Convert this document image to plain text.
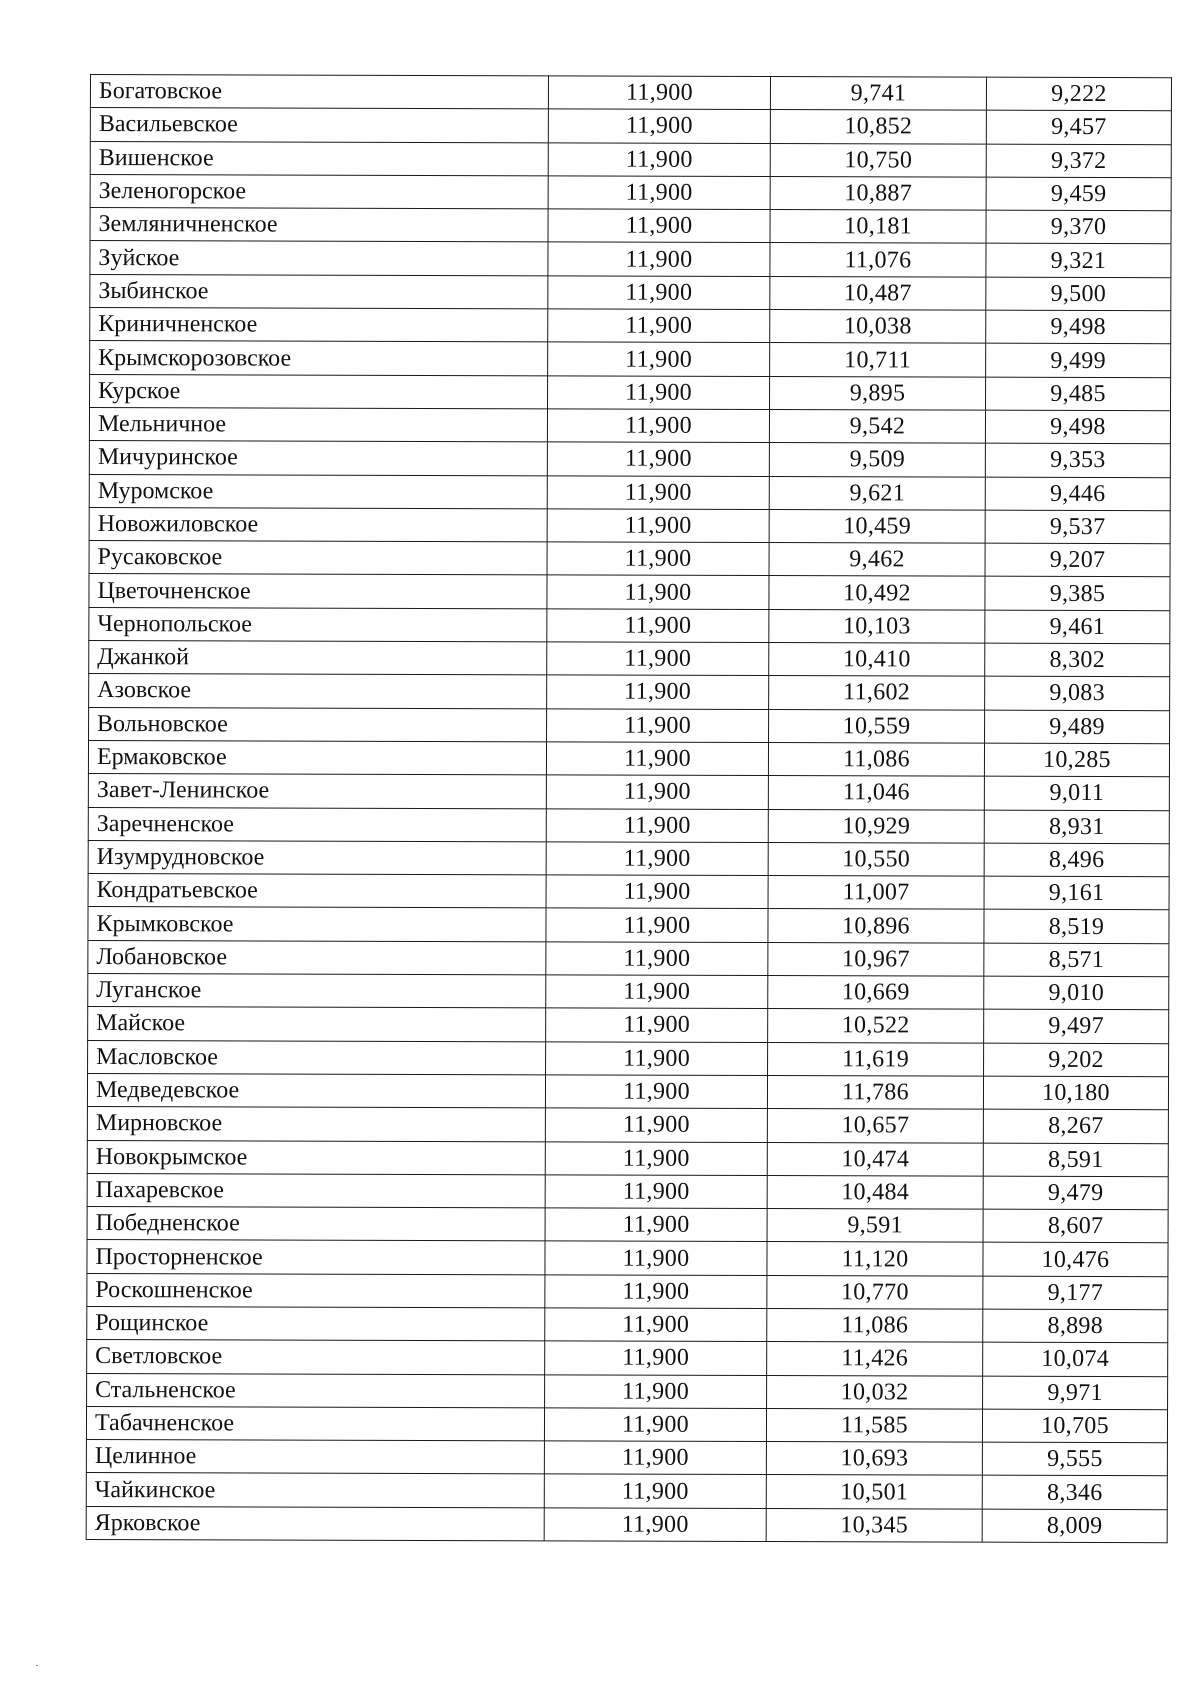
Богатовское	11,900	9,741	9,222
Васильевское	11,900	10,852	9,457
Вишенское	11,900	10,750	9,372
Зеленогорское	11,900	10,887	9,459
Земляничненское	11,900	10,181	9,370
Зуйское	11,900	11,076	9,321
Зыбинское	11,900	10,487	9,500
Криничненское	11,900	10,038	9,498
Крымскорозовское	11,900	10,711	9,499
Курское	11,900	9,895	9,485
Мельничное	11,900	9,542	9,498
Мичуринское	11,900	9,509	9,353
Муромское	11,900	9,621	9,446
Новожиловское	11,900	10,459	9,537
Русаковское	11,900	9,462	9,207
Цветочненское	11,900	10,492	9,385
Чернопольское	11,900	10,103	9,461
Джанкой	11,900	10,410	8,302
Азовское	11,900	11,602	9,083
Вольновское	11,900	10,559	9,489
Ермаковское	11,900	11,086	10,285
Завет-Ленинское	11,900	11,046	9,011
Заречненское	11,900	10,929	8,931
Изумрудновское	11,900	10,550	8,496
Кондратьевское	11,900	11,007	9,161
Крымковское	11,900	10,896	8,519
Лобановское	11,900	10,967	8,571
Луганское	11,900	10,669	9,010
Майское	11,900	10,522	9,497
Масловское	11,900	11,619	9,202
Медведевское	11,900	11,786	10,180
Мирновское	11,900	10,657	8,267
Новокрымское	11,900	10,474	8,591
Пахаревское	11,900	10,484	9,479
Победненское	11,900	9,591	8,607
Просторненское	11,900	11,120	10,476
Роскошненское	11,900	10,770	9,177
Рощинское	11,900	11,086	8,898
Светловское	11,900	11,426	10,074
Стальненское	11,900	10,032	9,971
Табачненское	11,900	11,585	10,705
Целинное	11,900	10,693	9,555
Чайкинское	11,900	10,501	8,346
Ярковское	11,900	10,345	8,009
